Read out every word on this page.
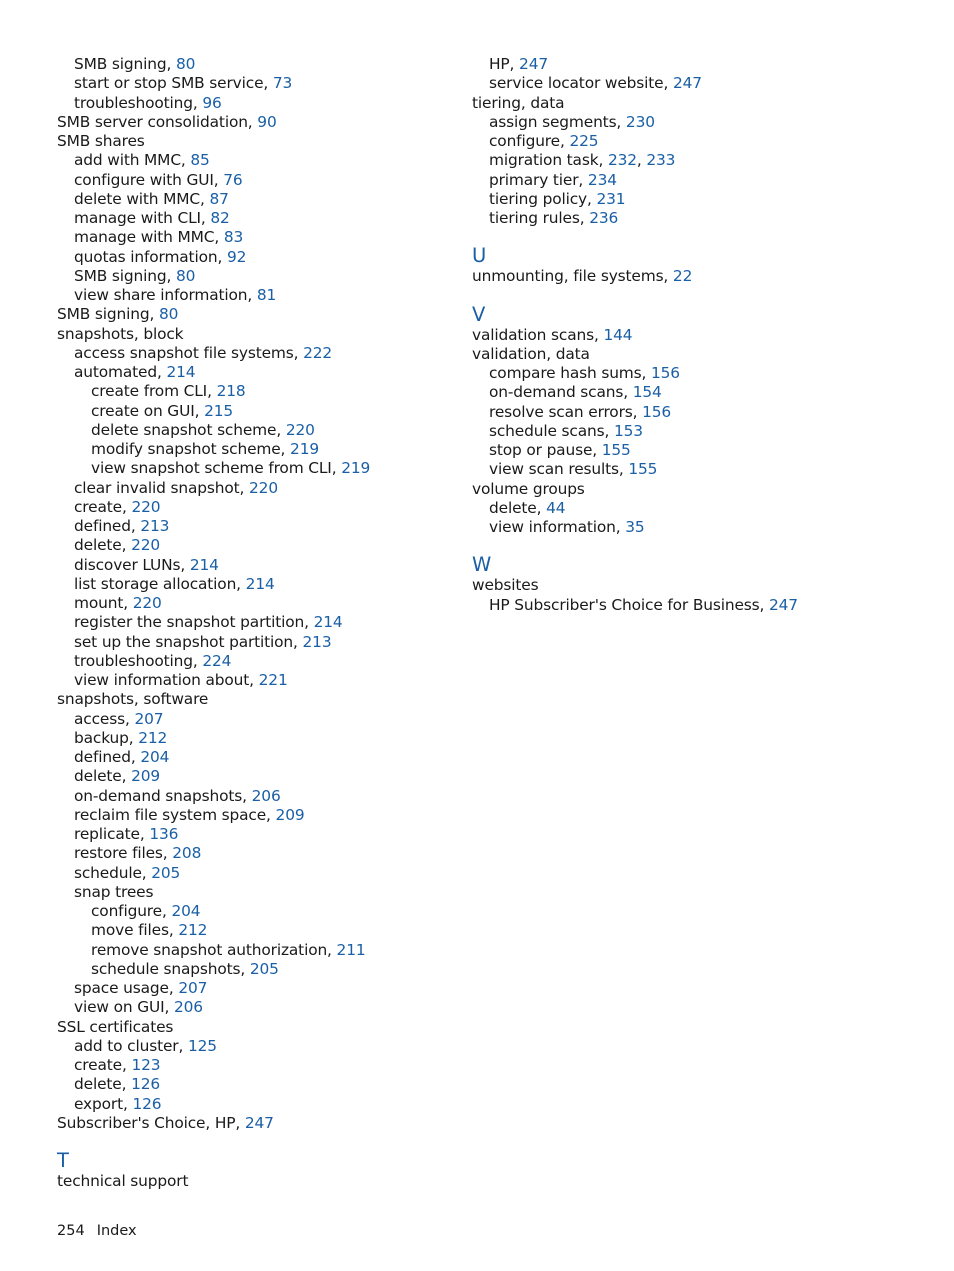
SMB signing, 80
start or stop SMB service, 73
troubleshooting, 96
SMB server consolidation, 90
SMB shares
add with MMC, 85
configure with GUI, 76
delete with MMC, 87
manage with CLI, 82
manage with MMC, 83
quotas information, 92
SMB signing, 80
view share information, 81
SMB signing, 80
snapshots, block
access snapshot file systems, 222
automated, 214
create from CLI, 218
create on GUI, 215
delete snapshot scheme, 220
modify snapshot scheme, 219
view snapshot scheme from CLI, 219
clear invalid snapshot, 220
create, 220
defined, 213
delete, 220
discover LUNs, 214
list storage allocation, 214
mount, 220
register the snapshot partition, 214
set up the snapshot partition, 213
troubleshooting, 224
view information about, 221
snapshots, software
access, 207
backup, 212
defined, 204
delete, 209
on-demand snapshots, 206
reclaim file system space, 209
replicate, 136
restore files, 208
schedule, 205
snap trees
configure, 204
move files, 212
remove snapshot authorization, 211
schedule snapshots, 205
space usage, 207
view on GUI, 206
SSL certificates
add to cluster, 125
create, 123
delete, 126
export, 126
Subscriber's Choice, HP, 247
T
technical support
HP, 247
service locator website, 247
tiering, data
assign segments, 230
configure, 225
migration task, 232, 233
primary tier, 234
tiering policy, 231
tiering rules, 236
U
unmounting, file systems, 22
V
validation scans, 144
validation, data
compare hash sums, 156
on-demand scans, 154
resolve scan errors, 156
schedule scans, 153
stop or pause, 155
view scan results, 155
volume groups
delete, 44
view information, 35
W
websites
HP Subscriber's Choice for Business, 247
254 Index
